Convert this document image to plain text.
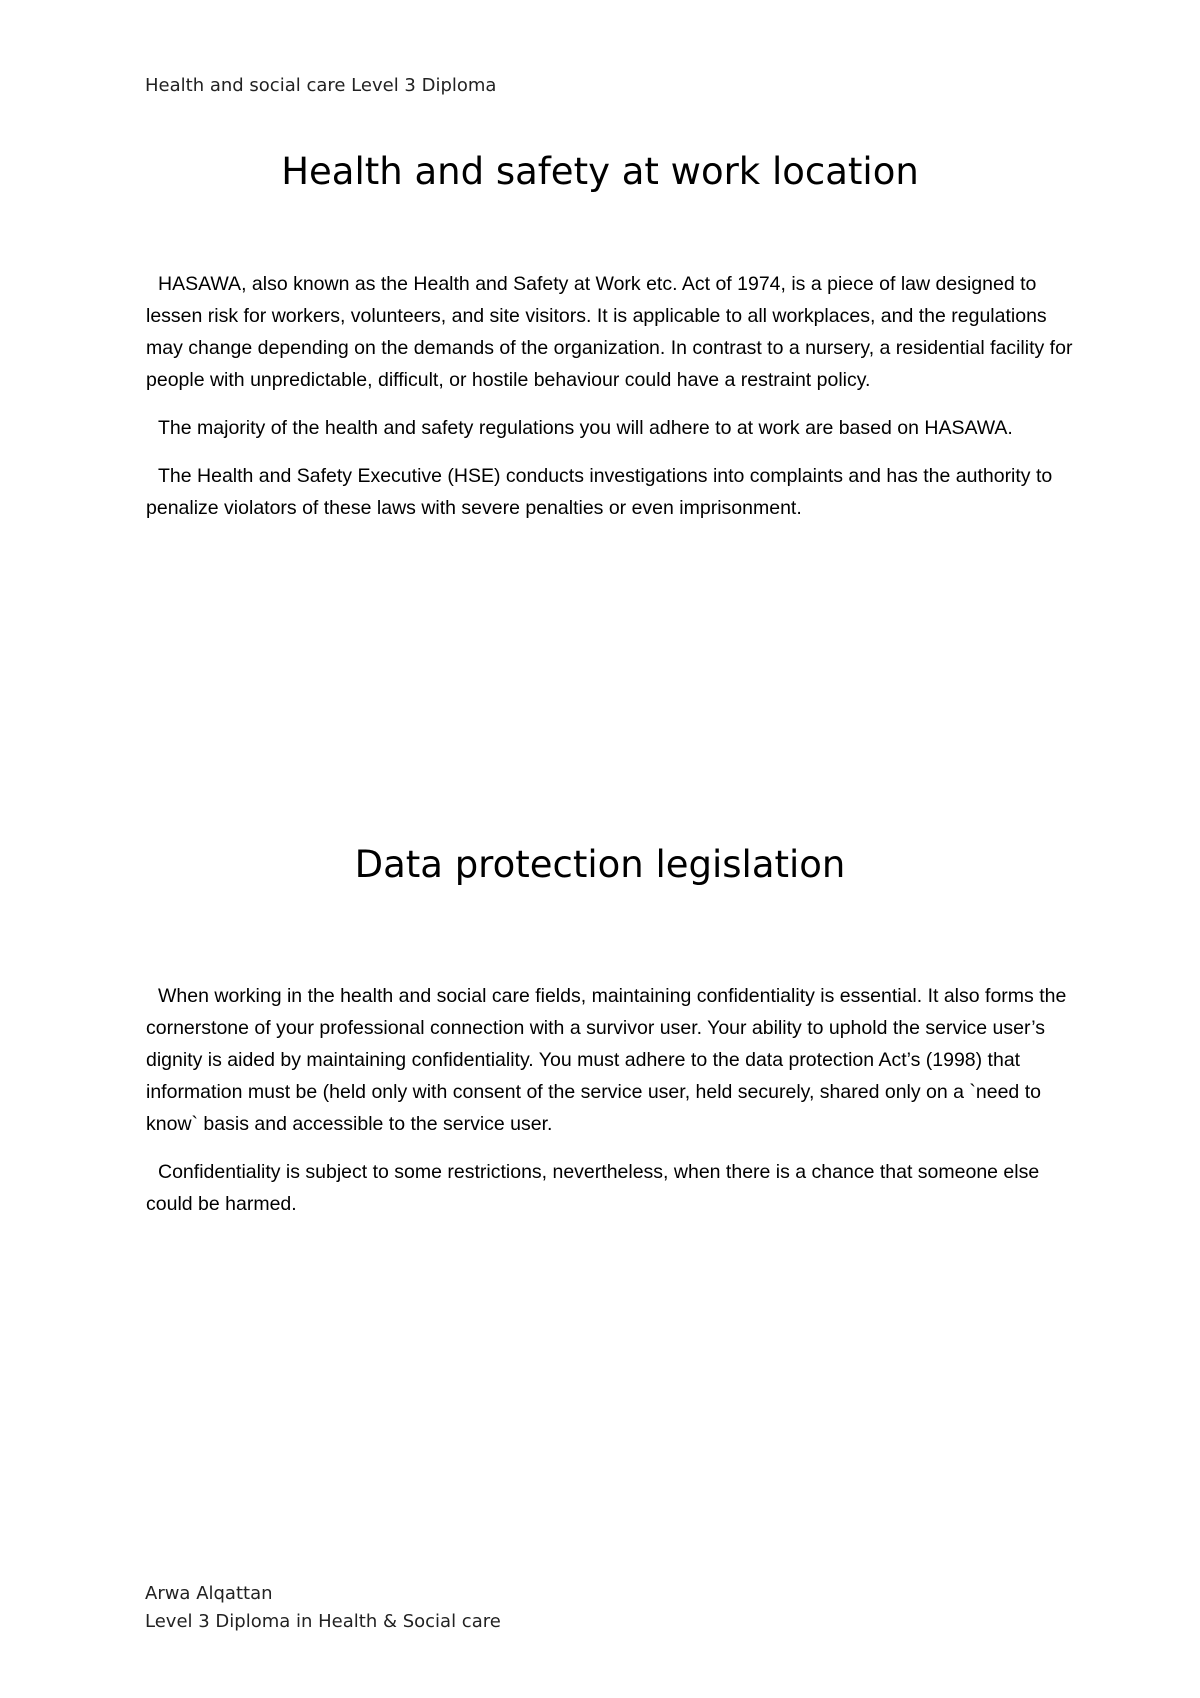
Health and social care Level 3 Diploma
Health and safety at work location

HASAWA, also known as the Health and Safety at Work etc. Act of 1974, is a piece of law designed to lessen risk for workers, volunteers, and site visitors. It is applicable to all workplaces, and the regulations may change depending on the demands of the organization. In contrast to a nursery, a residential facility for people with unpredictable, difficult, or hostile behaviour could have a restraint policy.

The majority of the health and safety regulations you will adhere to at work are based on HASAWA.

The Health and Safety Executive (HSE) conducts investigations into complaints and has the authority to penalize violators of these laws with severe penalties or even imprisonment.

Data protection legislation

When working in the health and social care fields, maintaining confidentiality is essential. It also forms the cornerstone of your professional connection with a survivor user. Your ability to uphold the service user’s dignity is aided by maintaining confidentiality. You must adhere to the data protection Act’s (1998) that information must be (held only with consent of the service user, held securely, shared only on a `need to know` basis and accessible to the service user.

Confidentiality is subject to some restrictions, nevertheless, when there is a chance that someone else could be harmed.

Arwa Alqattan
Level 3 Diploma in Health & Social care
